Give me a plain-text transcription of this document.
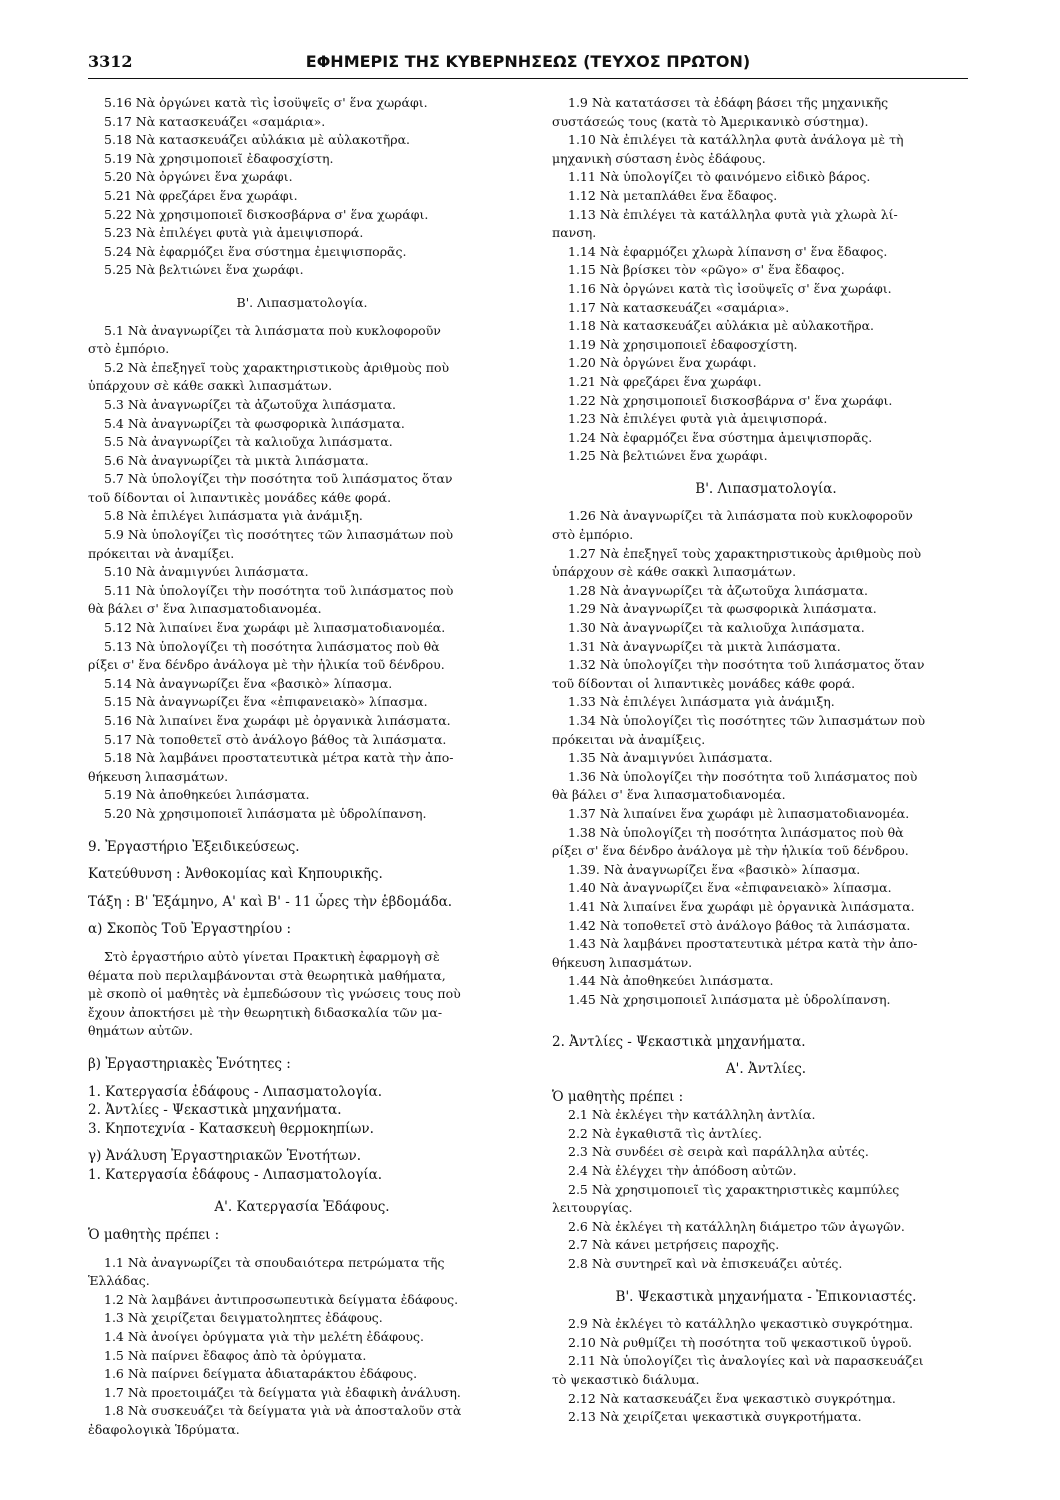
3312	ΕΦΗΜΕΡΙΣ ΤΗΣ ΚΥΒΕΡΝΗΣΕΩΣ (ΤΕΥΧΟΣ ΠΡΩΤΟΝ)
5.16 Νὰ ὀργώνει κατὰ τὶς ἰσοϋψεῖς σ' ἕνα χωράφι.
5.17 Νὰ κατασκευάζει «σαμάρια».
5.18 Νὰ κατασκευάζει αὐλάκια μὲ αὐλακοτῆρα.
5.19 Νὰ χρησιμοποιεῖ ἐδαφοσχίστη.
5.20 Νὰ ὀργώνει ἕνα χωράφι.
5.21 Νὰ φρεζάρει ἕνα χωράφι.
5.22 Νὰ χρησιμοποιεῖ δισκοσβάρνα σ' ἕνα χωράφι.
5.23 Νὰ ἐπιλέγει φυτὰ γιὰ ἀμειψισπορά.
5.24 Νὰ ἐφαρμόζει ἕνα σύστημα ἐμειψισπορᾶς.
5.25 Νὰ βελτιώνει ἕνα χωράφι.
Β'. Λιπασματολογία.
5.1 Νὰ ἀναγνωρίζει τὰ λιπάσματα ποὺ κυκλοφοροῦν
στὸ ἐμπόριο.
5.2 Νὰ ἐπεξηγεῖ τοὺς χαρακτηριστικοὺς ἀριθμοὺς ποὺ
ὑπάρχουν σὲ κάθε σακκὶ λιπασμάτων.
5.3 Νὰ ἀναγνωρίζει τὰ ἀζωτοῦχα λιπάσματα.
5.4 Νὰ ἀναγνωρίζει τὰ φωσφορικὰ λιπάσματα.
5.5 Νὰ ἀναγνωρίζει τὰ καλιοῦχα λιπάσματα.
5.6 Νὰ ἀναγνωρίζει τὰ μικτὰ λιπάσματα.
5.7 Νὰ ὑπολογίζει τὴν ποσότητα τοῦ λιπάσματος ὅταν
τοῦ δίδονται οἱ λιπαντικὲς μονάδες κάθε φορά.
5.8 Νὰ ἐπιλέγει λιπάσματα γιὰ ἀνάμιξη.
5.9 Νὰ ὑπολογίζει τὶς ποσότητες τῶν λιπασμάτων ποὺ
πρόκειται νὰ ἀναμίξει.
5.10 Νὰ ἀναμιγνύει λιπάσματα.
5.11 Νὰ ὑπολογίζει τὴν ποσότητα τοῦ λιπάσματος ποὺ
θὰ βάλει σ' ἕνα λιπασματοδιανομέα.
5.12 Νὰ λιπαίνει ἕνα χωράφι μὲ λιπασματοδιανομέα.
5.13 Νὰ ὑπολογίζει τὴ ποσότητα λιπάσματος ποὺ θὰ
ρίξει σ' ἕνα δένδρο ἀνάλογα μὲ τὴν ἡλικία τοῦ δένδρου.
5.14 Νὰ ἀναγνωρίζει ἕνα «βασικὸ» λίπασμα.
5.15 Νὰ ἀναγνωρίζει ἕνα «ἐπιφανειακὸ» λίπασμα.
5.16 Νὰ λιπαίνει ἕνα χωράφι μὲ ὀργανικὰ λιπάσματα.
5.17 Νὰ τοποθετεῖ στὸ ἀνάλογο βάθος τὰ λιπάσματα.
5.18 Νὰ λαμβάνει προστατευτικὰ μέτρα κατὰ τὴν ἀπο-
θήκευση λιπασμάτων.
5.19 Νὰ ἀποθηκεύει λιπάσματα.
5.20 Νὰ χρησιμοποιεῖ λιπάσματα μὲ ὑδρολίπανση.
9. Ἐργαστήριο Ἐξειδικεύσεως.
Κατεύθυνση : Ἀνθοκομίας καὶ Κηπουρικῆς.
Τάξη : Β' Ἑξάμηνο, Α' καὶ Β' - 11 ὧρες τὴν ἑβδομάδα.
α) Σκοπὸς Τοῦ Ἐργαστηρίου :
Στὸ ἐργαστήριο αὐτὸ γίνεται Πρακτικὴ ἐφαρμογὴ σὲ
θέματα ποὺ περιλαμβάνονται στὰ θεωρητικὰ μαθήματα,
μὲ σκοπὸ οἱ μαθητὲς νὰ ἐμπεδώσουν τὶς γνώσεις τους ποὺ
ἔχουν ἀποκτήσει μὲ τὴν θεωρητικὴ διδασκαλία τῶν μα-
θημάτων αὐτῶν.
β) Ἐργαστηριακὲς Ἑνότητες :
1. Κατεργασία ἐδάφους - Λιπασματολογία.
2. Ἀντλίες - Ψεκαστικὰ μηχανήματα.
3. Κηποτεχνία - Κατασκευὴ θερμοκηπίων.
γ) Ἀνάλυση Ἐργαστηριακῶν Ἑνοτήτων.
1. Κατεργασία ἐδάφους - Λιπασματολογία.
Α'. Κατεργασία Ἐδάφους.
Ὁ μαθητὴς πρέπει :
1.1 Νὰ ἀναγνωρίζει τὰ σπουδαιότερα πετρώματα τῆς
Ἑλλάδας.
1.2 Νὰ λαμβάνει ἀντιπροσωπευτικὰ δείγματα ἐδάφους.
1.3 Νὰ χειρίζεται δειγματοληπτες ἐδάφους.
1.4 Νὰ ἀνοίγει ὀρύγματα γιὰ τὴν μελέτη ἐδάφους.
1.5 Νὰ παίρνει ἔδαφος ἀπὸ τὰ ὀρύγματα.
1.6 Νὰ παίρνει δείγματα ἀδιαταράκτου ἐδάφους.
1.7 Νὰ προετοιμάζει τὰ δείγματα γιὰ ἐδαφικὴ ἀνάλυση.
1.8 Νὰ συσκευάζει τὰ δείγματα γιὰ νὰ ἀποσταλοῦν στὰ
ἐδαφολογικὰ Ἱδρύματα.
1.9 Νὰ κατατάσσει τὰ ἐδάφη βάσει τῆς μηχανικῆς
συστάσεώς τους (κατὰ τὸ Ἀμερικανικὸ σύστημα).
1.10 Νὰ ἐπιλέγει τὰ κατάλληλα φυτὰ ἀνάλογα μὲ τὴ
μηχανικὴ σύσταση ἑνὸς ἐδάφους.
1.11 Νὰ ὑπολογίζει τὸ φαινόμενο εἰδικὸ βάρος.
1.12 Νὰ μεταπλάθει ἕνα ἔδαφος.
1.13 Νὰ ἐπιλέγει τὰ κατάλληλα φυτὰ γιὰ χλωρὰ λί-
πανση.
1.14 Νὰ ἐφαρμόζει χλωρὰ λίπανση σ' ἕνα ἔδαφος.
1.15 Νὰ βρίσκει τὸν «ρῶγο» σ' ἕνα ἔδαφος.
1.16 Νὰ ὀργώνει κατὰ τὶς ἰσοϋψεῖς σ' ἕνα χωράφι.
1.17 Νὰ κατασκευάζει «σαμάρια».
1.18 Νὰ κατασκευάζει αὐλάκια μὲ αὐλακοτῆρα.
1.19 Νὰ χρησιμοποιεῖ ἐδαφοσχίστη.
1.20 Νὰ ὀργώνει ἕνα χωράφι.
1.21 Νὰ φρεζάρει ἕνα χωράφι.
1.22 Νὰ χρησιμοποιεῖ δισκοσβάρνα σ' ἕνα χωράφι.
1.23 Νὰ ἐπιλέγει φυτὰ γιὰ ἀμειψισπορά.
1.24 Νὰ ἐφαρμόζει ἕνα σύστημα ἀμειψισπορᾶς.
1.25 Νὰ βελτιώνει ἕνα χωράφι.
Β'. Λιπασματολογία.
1.26 Νὰ ἀναγνωρίζει τὰ λιπάσματα ποὺ κυκλοφοροῦν
στὸ ἐμπόριο.
1.27 Νὰ ἐπεξηγεῖ τοὺς χαρακτηριστικοὺς ἀριθμοὺς ποὺ
ὑπάρχουν σὲ κάθε σακκὶ λιπασμάτων.
1.28 Νὰ ἀναγνωρίζει τὰ ἀζωτοῦχα λιπάσματα.
1.29 Νὰ ἀναγνωρίζει τὰ φωσφορικὰ λιπάσματα.
1.30 Νὰ ἀναγνωρίζει τὰ καλιοῦχα λιπάσματα.
1.31 Νὰ ἀναγνωρίζει τὰ μικτὰ λιπάσματα.
1.32 Νὰ ὑπολογίζει τὴν ποσότητα τοῦ λιπάσματος ὅταν
τοῦ δίδονται οἱ λιπαντικὲς μονάδες κάθε φορά.
1.33 Νὰ ἐπιλέγει λιπάσματα γιὰ ἀνάμιξη.
1.34 Νὰ ὑπολογίζει τὶς ποσότητες τῶν λιπασμάτων ποὺ
πρόκειται νὰ ἀναμίξεις.
1.35 Νὰ ἀναμιγνύει λιπάσματα.
1.36 Νὰ ὑπολογίζει τὴν ποσότητα τοῦ λιπάσματος ποὺ
θὰ βάλει σ' ἕνα λιπασματοδιανομέα.
1.37 Νὰ λιπαίνει ἕνα χωράφι μὲ λιπασματοδιανομέα.
1.38 Νὰ ὑπολογίζει τὴ ποσότητα λιπάσματος ποὺ θὰ
ρίξει σ' ἕνα δένδρο ἀνάλογα μὲ τὴν ἡλικία τοῦ δένδρου.
1.39. Νὰ ἀναγνωρίζει ἕνα «βασικὸ» λίπασμα.
1.40 Νὰ ἀναγνωρίζει ἕνα «ἐπιφανειακὸ» λίπασμα.
1.41 Νὰ λιπαίνει ἕνα χωράφι μὲ ὀργανικὰ λιπάσματα.
1.42 Νὰ τοποθετεῖ στὸ ἀνάλογο βάθος τὰ λιπάσματα.
1.43 Νὰ λαμβάνει προστατευτικὰ μέτρα κατὰ τὴν ἀπο-
θήκευση λιπασμάτων.
1.44 Νὰ ἀποθηκεύει λιπάσματα.
1.45 Νὰ χρησιμοποιεῖ λιπάσματα μὲ ὑδρολίπανση.
2. Ἀντλίες - Ψεκαστικὰ μηχανήματα.
Α'. Ἀντλίες.
Ὁ μαθητὴς πρέπει :
2.1 Νὰ ἐκλέγει τὴν κατάλληλη ἀντλία.
2.2 Νὰ ἐγκαθιστᾶ τὶς ἀντλίες.
2.3 Νὰ συνδέει σὲ σειρὰ καὶ παράλληλα αὐτές.
2.4 Νὰ ἐλέγχει τὴν ἀπόδοση αὐτῶν.
2.5 Νὰ χρησιμοποιεῖ τὶς χαρακτηριστικὲς καμπύλες
λειτουργίας.
2.6 Νὰ ἐκλέγει τὴ κατάλληλη διάμετρο τῶν ἀγωγῶν.
2.7 Νὰ κάνει μετρήσεις παροχῆς.
2.8 Νὰ συντηρεῖ καὶ νὰ ἐπισκευάζει αὐτές.
Β'. Ψεκαστικὰ μηχανήματα - Ἐπικονιαστές.
2.9 Νὰ ἐκλέγει τὸ κατάλληλο ψεκαστικὸ συγκρότημα.
2.10 Νὰ ρυθμίζει τὴ ποσότητα τοῦ ψεκαστικοῦ ὑγροῦ.
2.11 Νὰ ὑπολογίζει τὶς ἀναλογίες καὶ νὰ παρασκευάζει
τὸ ψεκαστικὸ διάλυμα.
2.12 Νὰ κατασκευάζει ἕνα ψεκαστικὸ συγκρότημα.
2.13 Νὰ χειρίζεται ψεκαστικὰ συγκροτήματα.
